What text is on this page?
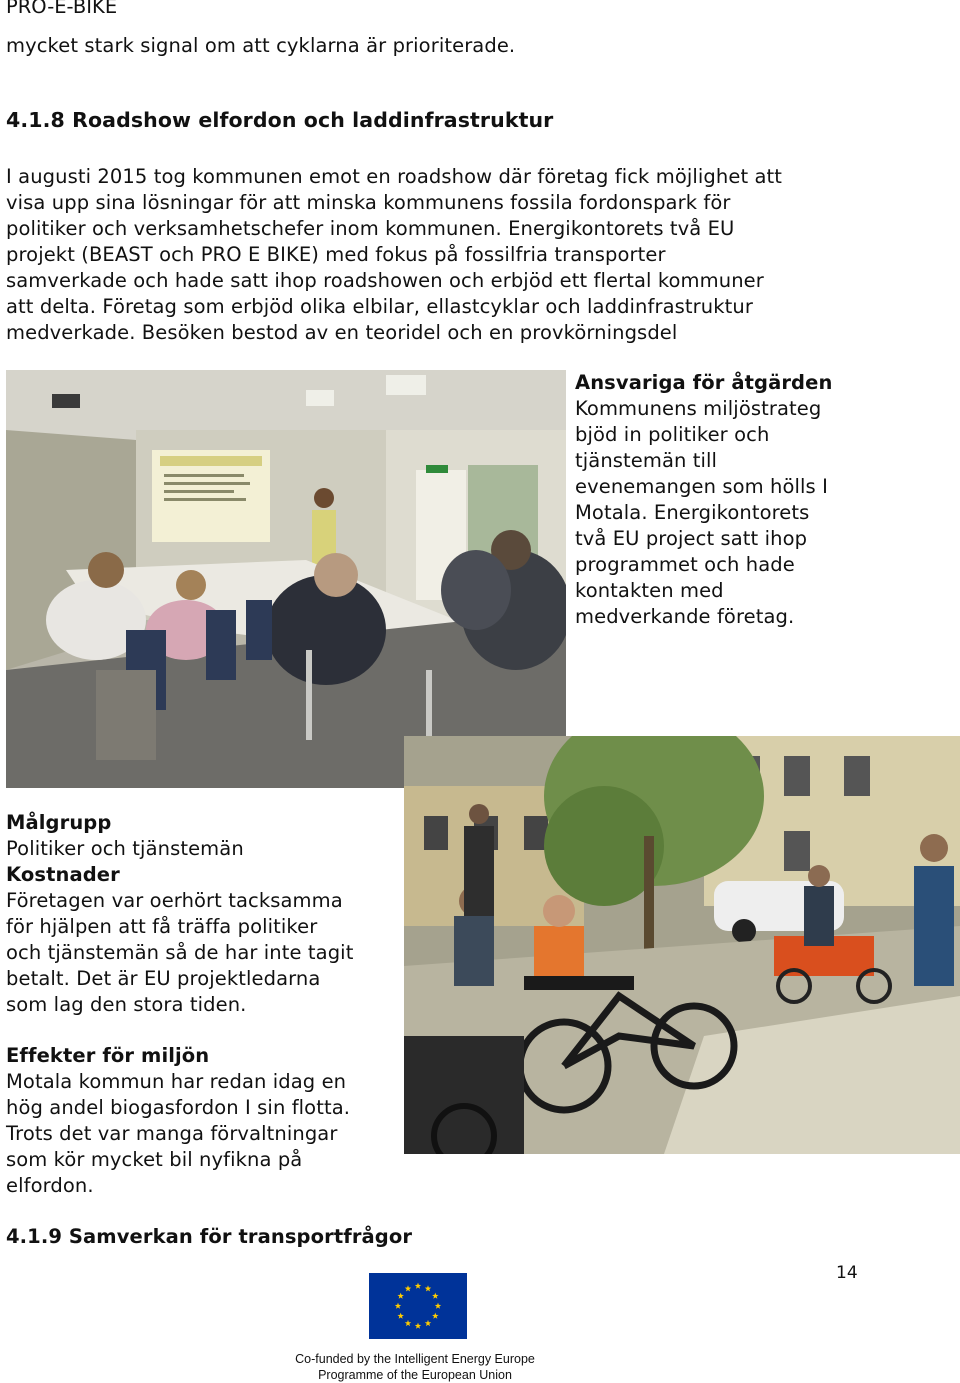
PRO-E-BIKE
mycket stark signal om att cyklarna är prioriterade.
4.1.8 Roadshow elfordon och laddinfrastruktur
I augusti 2015 tog kommunen emot en roadshow där företag fick möjlighet att
visa upp sina lösningar för att minska kommunens fossila fordonspark för
politiker och verksamhetschefer inom kommunen. Energikontorets två EU
projekt (BEAST och PRO E BIKE) med fokus på fossilfria transporter
samverkade och hade satt ihop roadshowen och erbjöd ett flertal kommuner
att delta. Företag som erbjöd olika elbilar, ellastcyklar och laddinfrastruktur
medverkade. Besöken bestod av en teoridel och en provkörningsdel
Ansvariga för åtgärden
Kommunens miljöstrateg
bjöd in politiker och
tjänstemän till
evenemangen som hölls I
Motala. Energikontorets
två EU project satt ihop
programmet och hade
kontakten med
medverkande företag.
Målgrupp
Politiker och tjänstemän
Kostnader
Företagen var oerhört tacksamma
för hjälpen att få träffa politiker
och tjänstemän så de har inte tagit
betalt. Det är EU projektledarna
som lag den stora tiden.
Effekter för miljön
Motala kommun har redan idag en
hög andel biogasfordon I sin flotta.
Trots det var manga förvaltningar
som kör mycket bil nyfikna på
elfordon.
4.1.9 Samverkan för transportfrågor
14
Co-funded by the Intelligent Energy Europe
Programme of the European Union
